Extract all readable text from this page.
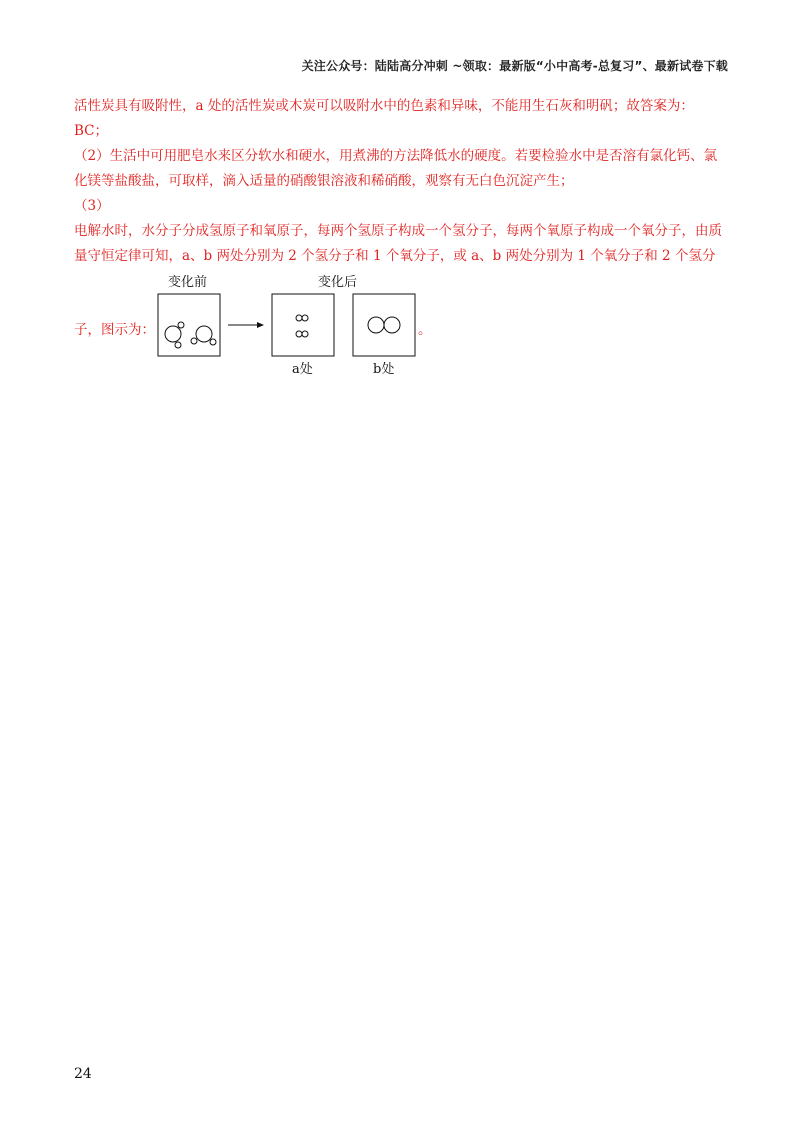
关注公众号：陆陆高分冲刺 ~领取：最新版“小中高考-总复习”、最新试卷下载

活性炭具有吸附性，a 处的活性炭或木炭可以吸附水中的色素和异味，不能用生石灰和明矾；故答案为：

BC；

（2）生活中可用肥皂水来区分软水和硬水，用煮沸的方法降低水的硬度。若要检验水中是否溶有氯化钙、氯化镁等盐酸盐，可取样，滴入适量的硝酸银溶液和稀硝酸，观察有无白色沉淀产生；

（3）

电解水时，水分子分成氢原子和氧原子，每两个氢原子构成一个氢分子，每两个氧原子构成一个氧分子，由质量守恒定律可知，a、b 两处分别为 2 个氢分子和 1 个氧分子，或 a、b 两处分别为 1 个氧分子和 2 个氢分

子，图示为：
变化前	变化后
a处	b处
。
24
